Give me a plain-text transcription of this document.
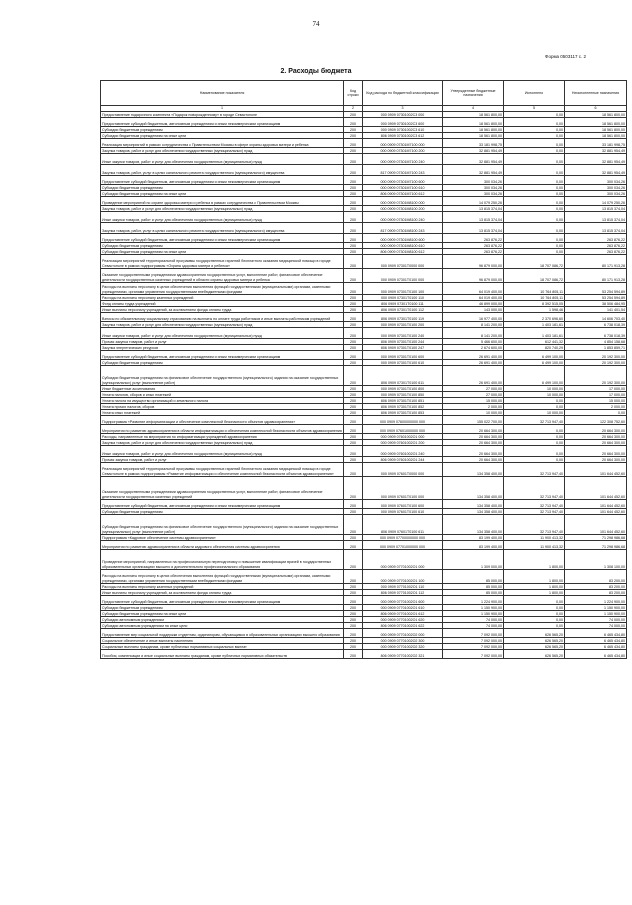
74
Форма 0503117 с. 2
2. Расходы бюджета
Наименование показателя	Код строки	Код расхода по бюджетной классификации	Утвержденные бюджетные назначения	Исполнено	Неисполненные назначения
1	2	3	4	5	6
Предоставление подарочного комплекта «Подарок новорожденному» в городе Севастополе	200	000 0909 07301002С3 000	18 561 800,00	0,00	18 561 800,00
Предоставление субсидий бюджетным, автономным учреждениям и иным некоммерческим организациям	200	000 0909 07301002С3 600	18 561 800,00	0,00	18 561 800,00
Субсидии бюджетным учреждениям	200	000 0909 07301002С3 610	18 561 800,00	0,00	18 561 800,00
Субсидии бюджетным учреждениям на иные цели	200	806 0909 07301002С3 612	18 561 800,00	0,00	18 561 800,00
Реализация мероприятий в рамках сотрудничества с Правительством Москвы в сфере охраны здоровья матери и ребенка	200	000 0909 07301M7100 000	33 181 998,75	0,00	33 181 998,75
Закупка товаров, работ и услуг для обеспечения государственных (муниципальных) нужд	200	000 0909 07301M7100 200	32 881 954,49	0,00	32 881 954,49
Иные закупки товаров, работ и услуг для обеспечения государственных (муниципальных) нужд	200	000 0909 07301M7100 240	32 881 954,49	0,00	32 881 954,49
Закупка товаров, работ, услуг в целях капитального ремонта государственного (муниципального) имущества	200	817 0909 07301M7100 243	32 881 954,49	0,00	32 881 954,49
Предоставление субсидий бюджетным, автономным учреждениям и иным некоммерческим организациям	200	000 0909 07301M7100 600	300 034,26	0,00	300 034,26
Субсидии бюджетным учреждениям	200	000 0909 07301M7100 610	300 034,26	0,00	300 034,26
Субсидии бюджетным учреждениям на иные цели	200	806 0909 07301M7100 612	300 034,26	0,00	300 034,26
Проведение мероприятий по охране здоровья матери и ребенка в рамках сотрудничества с Правительством Москвы	200	000 0909 07301M8100 000	14 079 250,26	0,00	14 079 250,26
Закупка товаров, работ и услуг для обеспечения государственных (муниципальных) нужд	200	000 0909 07301M8100 200	13 815 374,04	0,00	13 815 374,04
Иные закупки товаров, работ и услуг для обеспечения государственных (муниципальных) нужд	200	000 0909 07301M8100 240	13 815 374,04	0,00	13 815 374,04
Закупка товаров, работ, услуг в целях капитального ремонта государственного (муниципального) имущества	200	817 0909 07301M8100 243	13 815 374,04	0,00	13 815 374,04
Предоставление субсидий бюджетным, автономным учреждениям и иным некоммерческим организациям	200	000 0909 07301M8100 600	263 876,22	0,00	263 876,22
Субсидии бюджетным учреждениям	200	000 0909 07301M8100 610	263 876,22	0,00	263 876,22
Субсидии бюджетным учреждениям на иные цели	200	806 0909 07301M8100 612	263 876,22	0,00	263 876,22
Реализация мероприятий территориальной программы государственных гарантий бесплатного оказания медицинской помощи в городе Севастополе в рамках подпрограммы «Охрана здоровья матери и ребенка»	200	000 0909 07301T0000 000	96 879 000,00	18 707 086,72	80 171 913,28
Оказание государственными учреждениями здравоохранения государственных услуг, выполнение работ, финансовое обеспечение деятельности государственных казенных учреждений в области охраны здоровья матери и ребенка	200	000 0909 07301T0100 000	96 879 000,00	18 707 086,72	80 171 913,28
Расходы на выплаты персоналу в целях обеспечения выполнения функций государственными (муниципальными) органами, казенными учреждениями, органами управления государственными внебюджетными фондами	200	000 0909 07301T0100 100	64 019 400,00	10 764 805,11	53 254 594,89
Расходы на выплаты персоналу казенных учреждений	200	000 0909 07301T0100 110	64 019 400,00	10 764 805,11	53 254 594,89
Фонд оплаты труда учреждений	200	806 0909 07301T0100 111	46 899 000,00	8 392 515,05	38 506 484,95
Иные выплаты персоналу учреждений, за исключением фонда оплаты труда	200	806 0909 07301T0100 112	143 000,00	1 598,46	141 401,54
Взносы по обязательному социальному страхованию на выплаты по оплате труда работников и иные выплаты работникам учреждений	200	806 0909 07301T0100 119	16 977 400,00	2 370 696,60	14 606 703,40
Закупка товаров, работ и услуг для обеспечения государственных (муниципальных) нужд	200	000 0909 07301T0100 200	8 141 200,00	1 403 181,61	6 738 018,39
Иные закупки товаров, работ и услуг для обеспечения государственных (муниципальных) нужд	200	000 0909 07301T0100 240	8 141 200,00	1 403 181,61	6 738 018,39
Прочая закупка товаров, работ и услуг	200	806 0909 07301T0100 244	5 466 600,00	612 441,32	4 854 158,68
Закупка энергетических ресурсов	200	806 0909 07301T0100 247	2 674 600,00	820 740,29	1 853 859,71
Предоставление субсидий бюджетным, автономным учреждениям и иным некоммерческим организациям	200	000 0909 07301T0100 600	26 691 400,00	6 499 100,00	20 192 300,00
Субсидии бюджетным учреждениям	200	000 0909 07301T0100 610	26 691 400,00	6 499 100,00	20 192 300,00
Субсидии бюджетным учреждениям на финансовое обеспечение государственного (муниципального) задания на оказание государственных (муниципальных) услуг (выполнение работ)	200	806 0909 07301T0100 611	26 691 400,00	6 499 100,00	20 192 300,00
Иные бюджетные ассигнования	200	000 0909 07301T0100 800	27 000,00	10 000,00	17 000,00
Уплата налогов, сборов и иных платежей	200	000 0909 07301T0100 850	27 000,00	10 000,00	17 000,00
Уплата налога на имущество организаций и земельного налога	200	806 0909 07301T0100 851	15 000,00	0,00	15 000,00
Уплата прочих налогов, сборов	200	806 0909 07301T0100 852	2 000,00	0,00	2 000,00
Уплата иных платежей	200	806 0909 07301T0100 853	10 000,00	10 000,00	0,00
Подпрограмма «Развитие информатизации и обеспечение комплексной безопасности объектов здравоохранения»	200	000 0909 07600000000 000	155 022 700,00	32 713 947,40	122 308 752,60
Мероприятия по развитию здравоохранения в области информатизации и обеспечения комплексной безопасности объектов здравоохранения	200	000 0909 07601000000 000	20 664 300,00	0,00	20 664 300,00
Расходы, направленные на мероприятия по информатизации учреждений здравоохранения	200	000 0909 07601002О1 000	20 664 300,00	0,00	20 664 300,00
Закупка товаров, работ и услуг для обеспечения государственных (муниципальных) нужд	200	000 0909 07601002О1 200	20 664 300,00	0,00	20 664 300,00
Иные закупки товаров, работ и услуг для обеспечения государственных (муниципальных) нужд	200	000 0909 07601002О1 240	20 664 300,00	0,00	20 664 300,00
Прочая закупка товаров, работ и услуг	200	806 0909 07601002О1 244	20 664 300,00	0,00	20 664 300,00
Реализация мероприятий территориальной программы государственных гарантий бесплатного оказания медицинской помощи в городе Севастополе в рамках подпрограммы «Развитие информатизации и обеспечение комплексной безопасности объектов здравоохранения»	200	000 0909 07601T0000 000	134 358 400,00	32 713 947,40	101 644 452,60
Оказание государственными учреждениями здравоохранения государственных услуг, выполнение работ, финансовое обеспечение деятельности государственных казенных учреждений	200	000 0909 07601T0100 000	134 358 400,00	32 713 947,40	101 644 452,60
Предоставление субсидий бюджетным, автономным учреждениям и иным некоммерческим организациям	200	000 0909 07601T0100 600	134 358 400,00	32 713 947,40	101 644 452,60
Субсидии бюджетным учреждениям	200	000 0909 07601T0100 610	134 358 400,00	32 713 947,40	101 644 452,60
Субсидии бюджетным учреждениям на финансовое обеспечение государственного (муниципального) задания на оказание государственных (муниципальных) услуг (выполнение работ)	200	806 0909 07601T0100 611	134 358 400,00	32 713 947,40	101 644 452,60
Подпрограмма «Кадровое обеспечение системы здравоохранения»	200	000 0909 07700000000 000	83 199 400,00	11 900 413,32	71 298 986,68
Мероприятия по развитию здравоохранения в области кадрового обеспечения системы здравоохранения	200	000 0909 07701000000 000	83 199 400,00	11 900 413,32	71 298 986,68
Проведение мероприятий, направленных на профессиональную переподготовку и повышение квалификации врачей в государственных образовательных организациях высшего и дополнительного профессионального образования	200	000 0909 07701002О1 000	1 309 000,00	1 800,00	1 308 100,00
Расходы на выплаты персоналу в целях обеспечения выполнения функций государственными (муниципальными) органами, казенными учреждениями, органами управления государственными внебюджетными фондами	200	000 0909 07701002О1 100	85 000,00	1 800,00	83 200,00
Расходы на выплаты персоналу казенных учреждений	200	000 0909 07701002О1 110	85 000,00	1 800,00	83 200,00
Иные выплаты персоналу учреждений, за исключением фонда оплаты труда	200	806 0909 07701002О1 112	85 000,00	1 800,00	83 200,00
Предоставление субсидий бюджетным, автономным учреждениям и иным некоммерческим организациям	200	000 0909 07701002О1 600	1 224 900,00	0,00	1 224 900,00
Субсидии бюджетным учреждениям	200	000 0909 07701002О1 610	1 150 900,00	0,00	1 150 900,00
Субсидии бюджетным учреждениям на иные цели	200	806 0909 07701002О1 612	1 150 900,00	0,00	1 150 900,00
Субсидии автономным учреждениям	200	000 0909 07701002О1 620	74 000,00	0,00	74 000,00
Субсидии автономным учреждениям на иные цели	200	806 0909 07701002О1 622	74 000,00	0,00	74 000,00
Предоставление мер социальной поддержки студентам, ординаторам, обучающимся в образовательных организациях высшего образования	200	000 0909 07701002О2 000	7 092 000,00	626 565,20	6 465 434,80
Социальное обеспечение и иные выплаты населению	200	000 0909 07701002О2 300	7 092 000,00	626 565,20	6 465 434,80
Социальные выплаты гражданам, кроме публичных нормативных социальных выплат	200	000 0909 07701002О2 320	7 092 000,00	626 565,20	6 465 434,80
Пособия, компенсации и иные социальные выплаты гражданам, кроме публичных нормативных обязательств	200	806 0909 07701002О2 321	7 092 000,00	626 565,20	6 465 434,80
